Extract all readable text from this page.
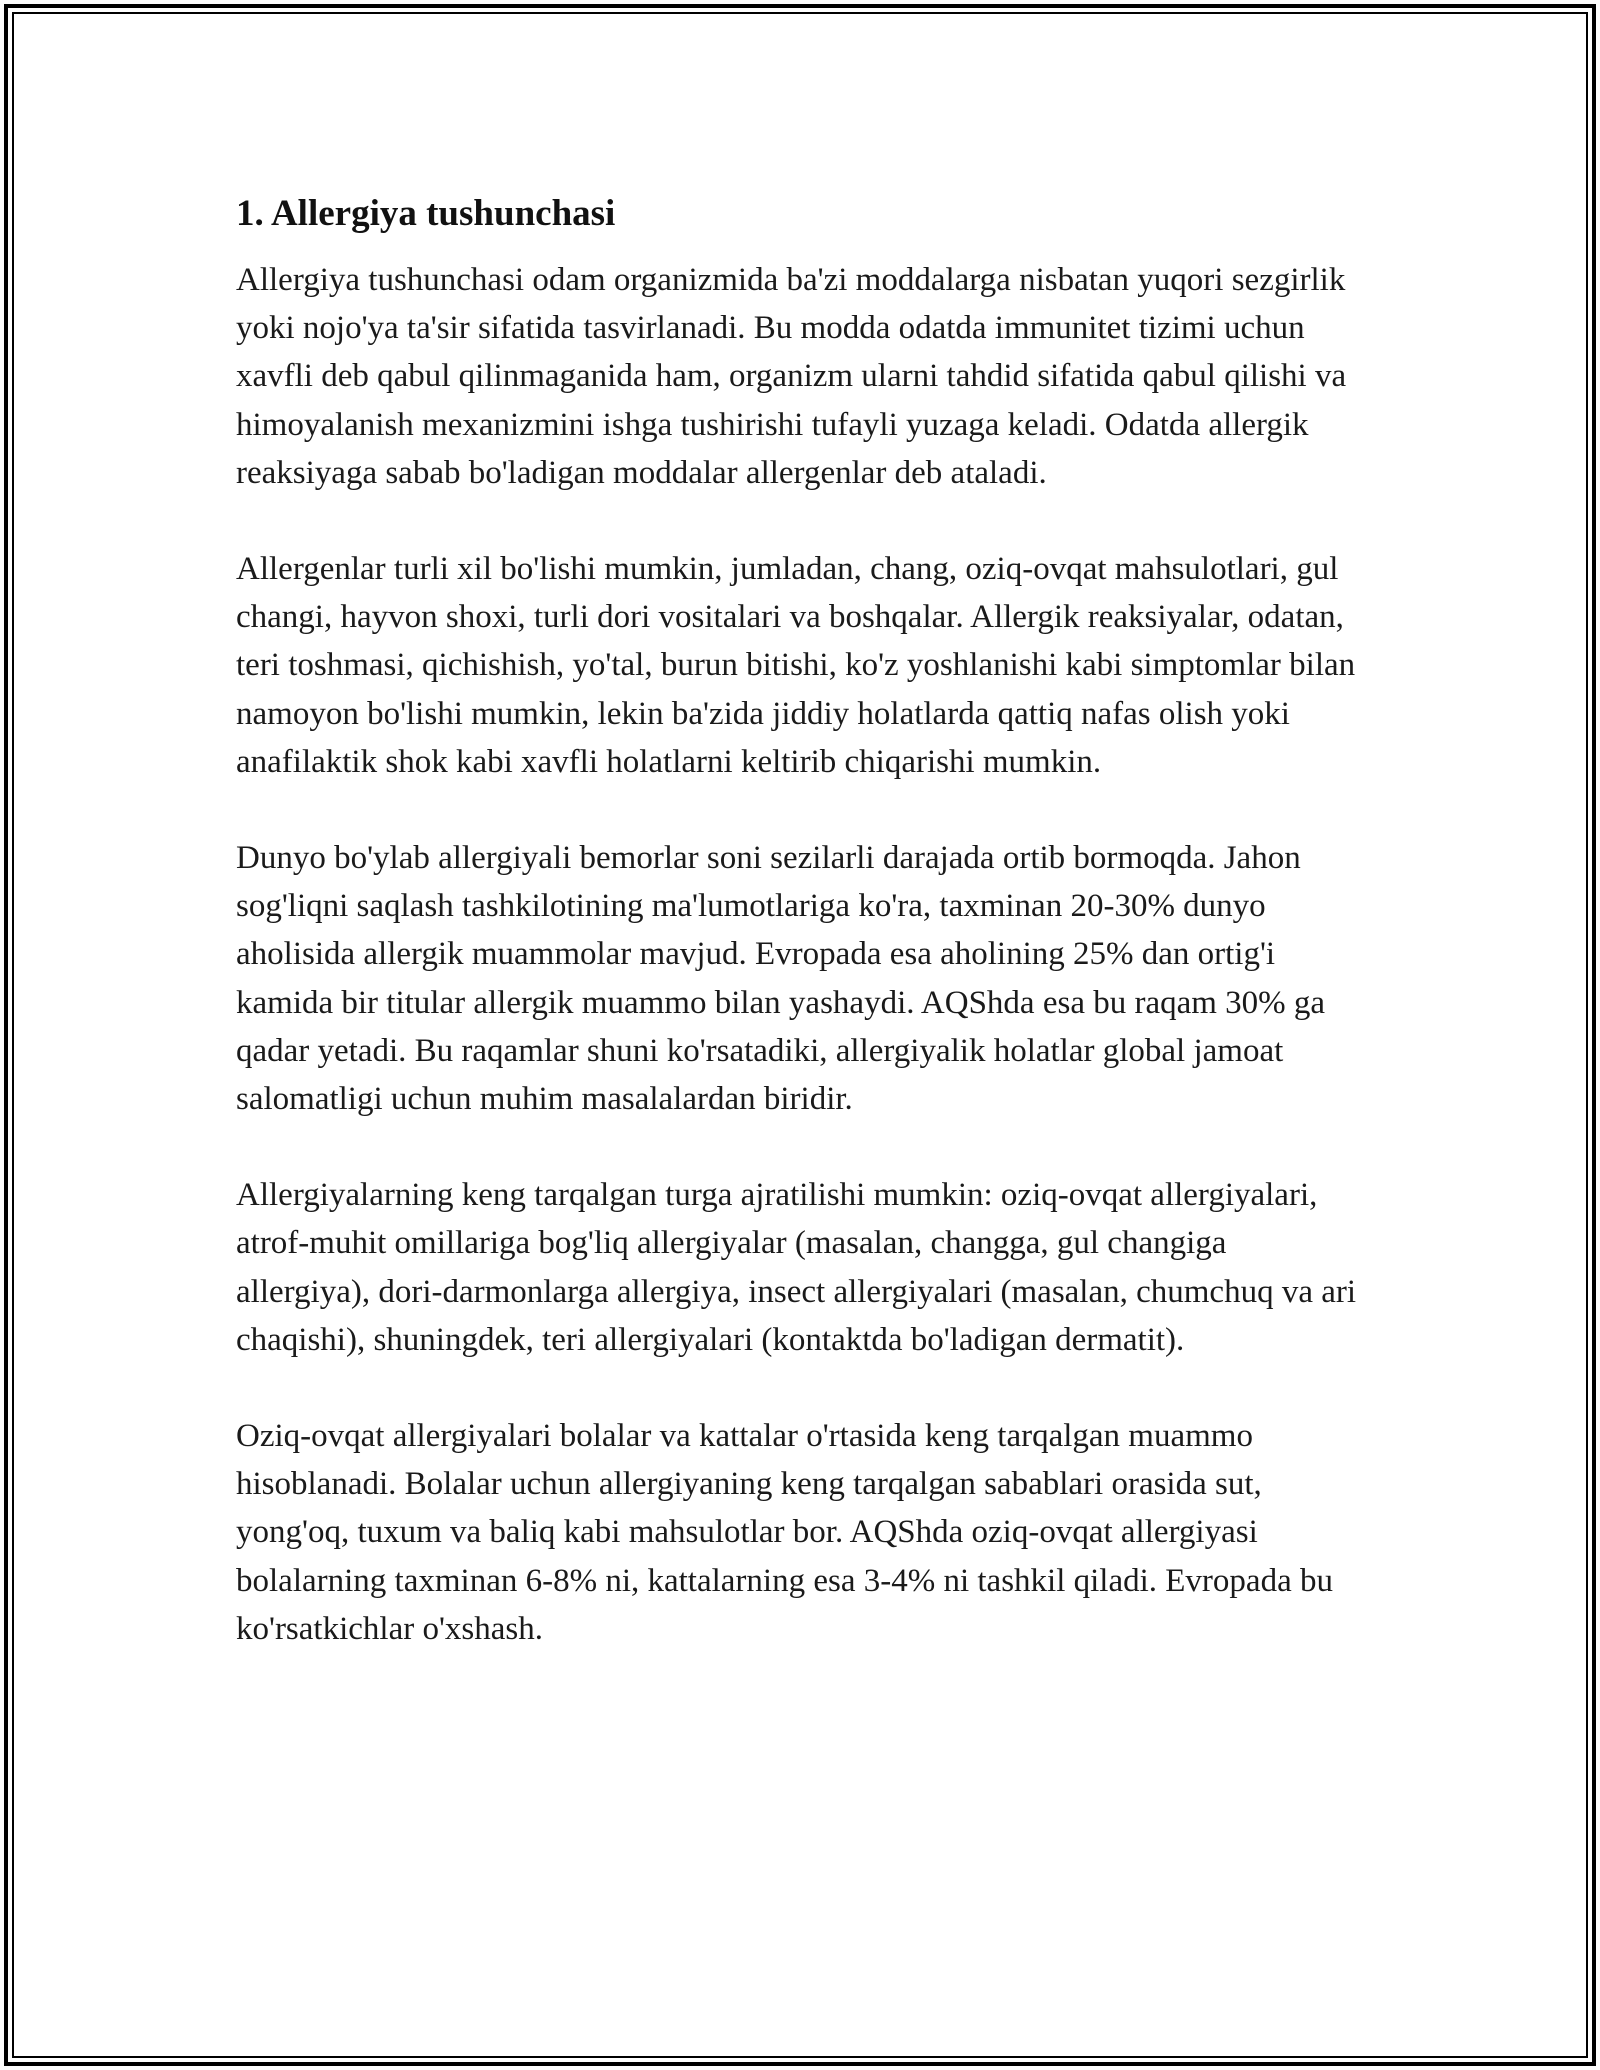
1. Allergiya tushunchasi

Allergiya tushunchasi odam organizmida ba'zi moddalarga nisbatan yuqori sezgirlik yoki nojo'ya ta'sir sifatida tasvirlanadi. Bu modda odatda immunitet tizimi uchun xavfli deb qabul qilinmaganida ham, organizm ularni tahdid sifatida qabul qilishi va himoyalanish mexanizmini ishga tushirishi tufayli yuzaga keladi. Odatda allergik reaksiyaga sabab bo'ladigan moddalar allergenlar deb ataladi.

Allergenlar turli xil bo'lishi mumkin, jumladan, chang, oziq-ovqat mahsulotlari, gul changi, hayvon shoxi, turli dori vositalari va boshqalar. Allergik reaksiyalar, odatan, teri toshmasi, qichishish, yo'tal, burun bitishi, ko'z yoshlanishi kabi simptomlar bilan namoyon bo'lishi mumkin, lekin ba'zida jiddiy holatlarda qattiq nafas olish yoki anafilaktik shok kabi xavfli holatlarni keltirib chiqarishi mumkin.

Dunyo bo'ylab allergiyali bemorlar soni sezilarli darajada ortib bormoqda. Jahon sog'liqni saqlash tashkilotining ma'lumotlariga ko'ra, taxminan 20-30% dunyo aholisida allergik muammolar mavjud. Evropada esa aholining 25% dan ortig'i kamida bir titular allergik muammo bilan yashaydi. AQShda esa bu raqam 30% ga qadar yetadi. Bu raqamlar shuni ko'rsatadiki, allergiyalik holatlar global jamoat salomatligi uchun muhim masalalardan biridir.

Allergiyalarning keng tarqalgan turga ajratilishi mumkin: oziq-ovqat allergiyalari, atrof-muhit omillariga bog'liq allergiyalar (masalan, changga, gul changiga allergiya), dori-darmonlarga allergiya, insect allergiyalari (masalan, chumchuq va ari chaqishi), shuningdek, teri allergiyalari (kontaktda bo'ladigan dermatit).

Oziq-ovqat allergiyalari bolalar va kattalar o'rtasida keng tarqalgan muammo hisoblanadi. Bolalar uchun allergiyaning keng tarqalgan sabablari orasida sut, yong'oq, tuxum va baliq kabi mahsulotlar bor. AQShda oziq-ovqat allergiyasi bolalarning taxminan 6-8% ni, kattalarning esa 3-4% ni tashkil qiladi. Evropada bu ko'rsatkichlar o'xshash.
